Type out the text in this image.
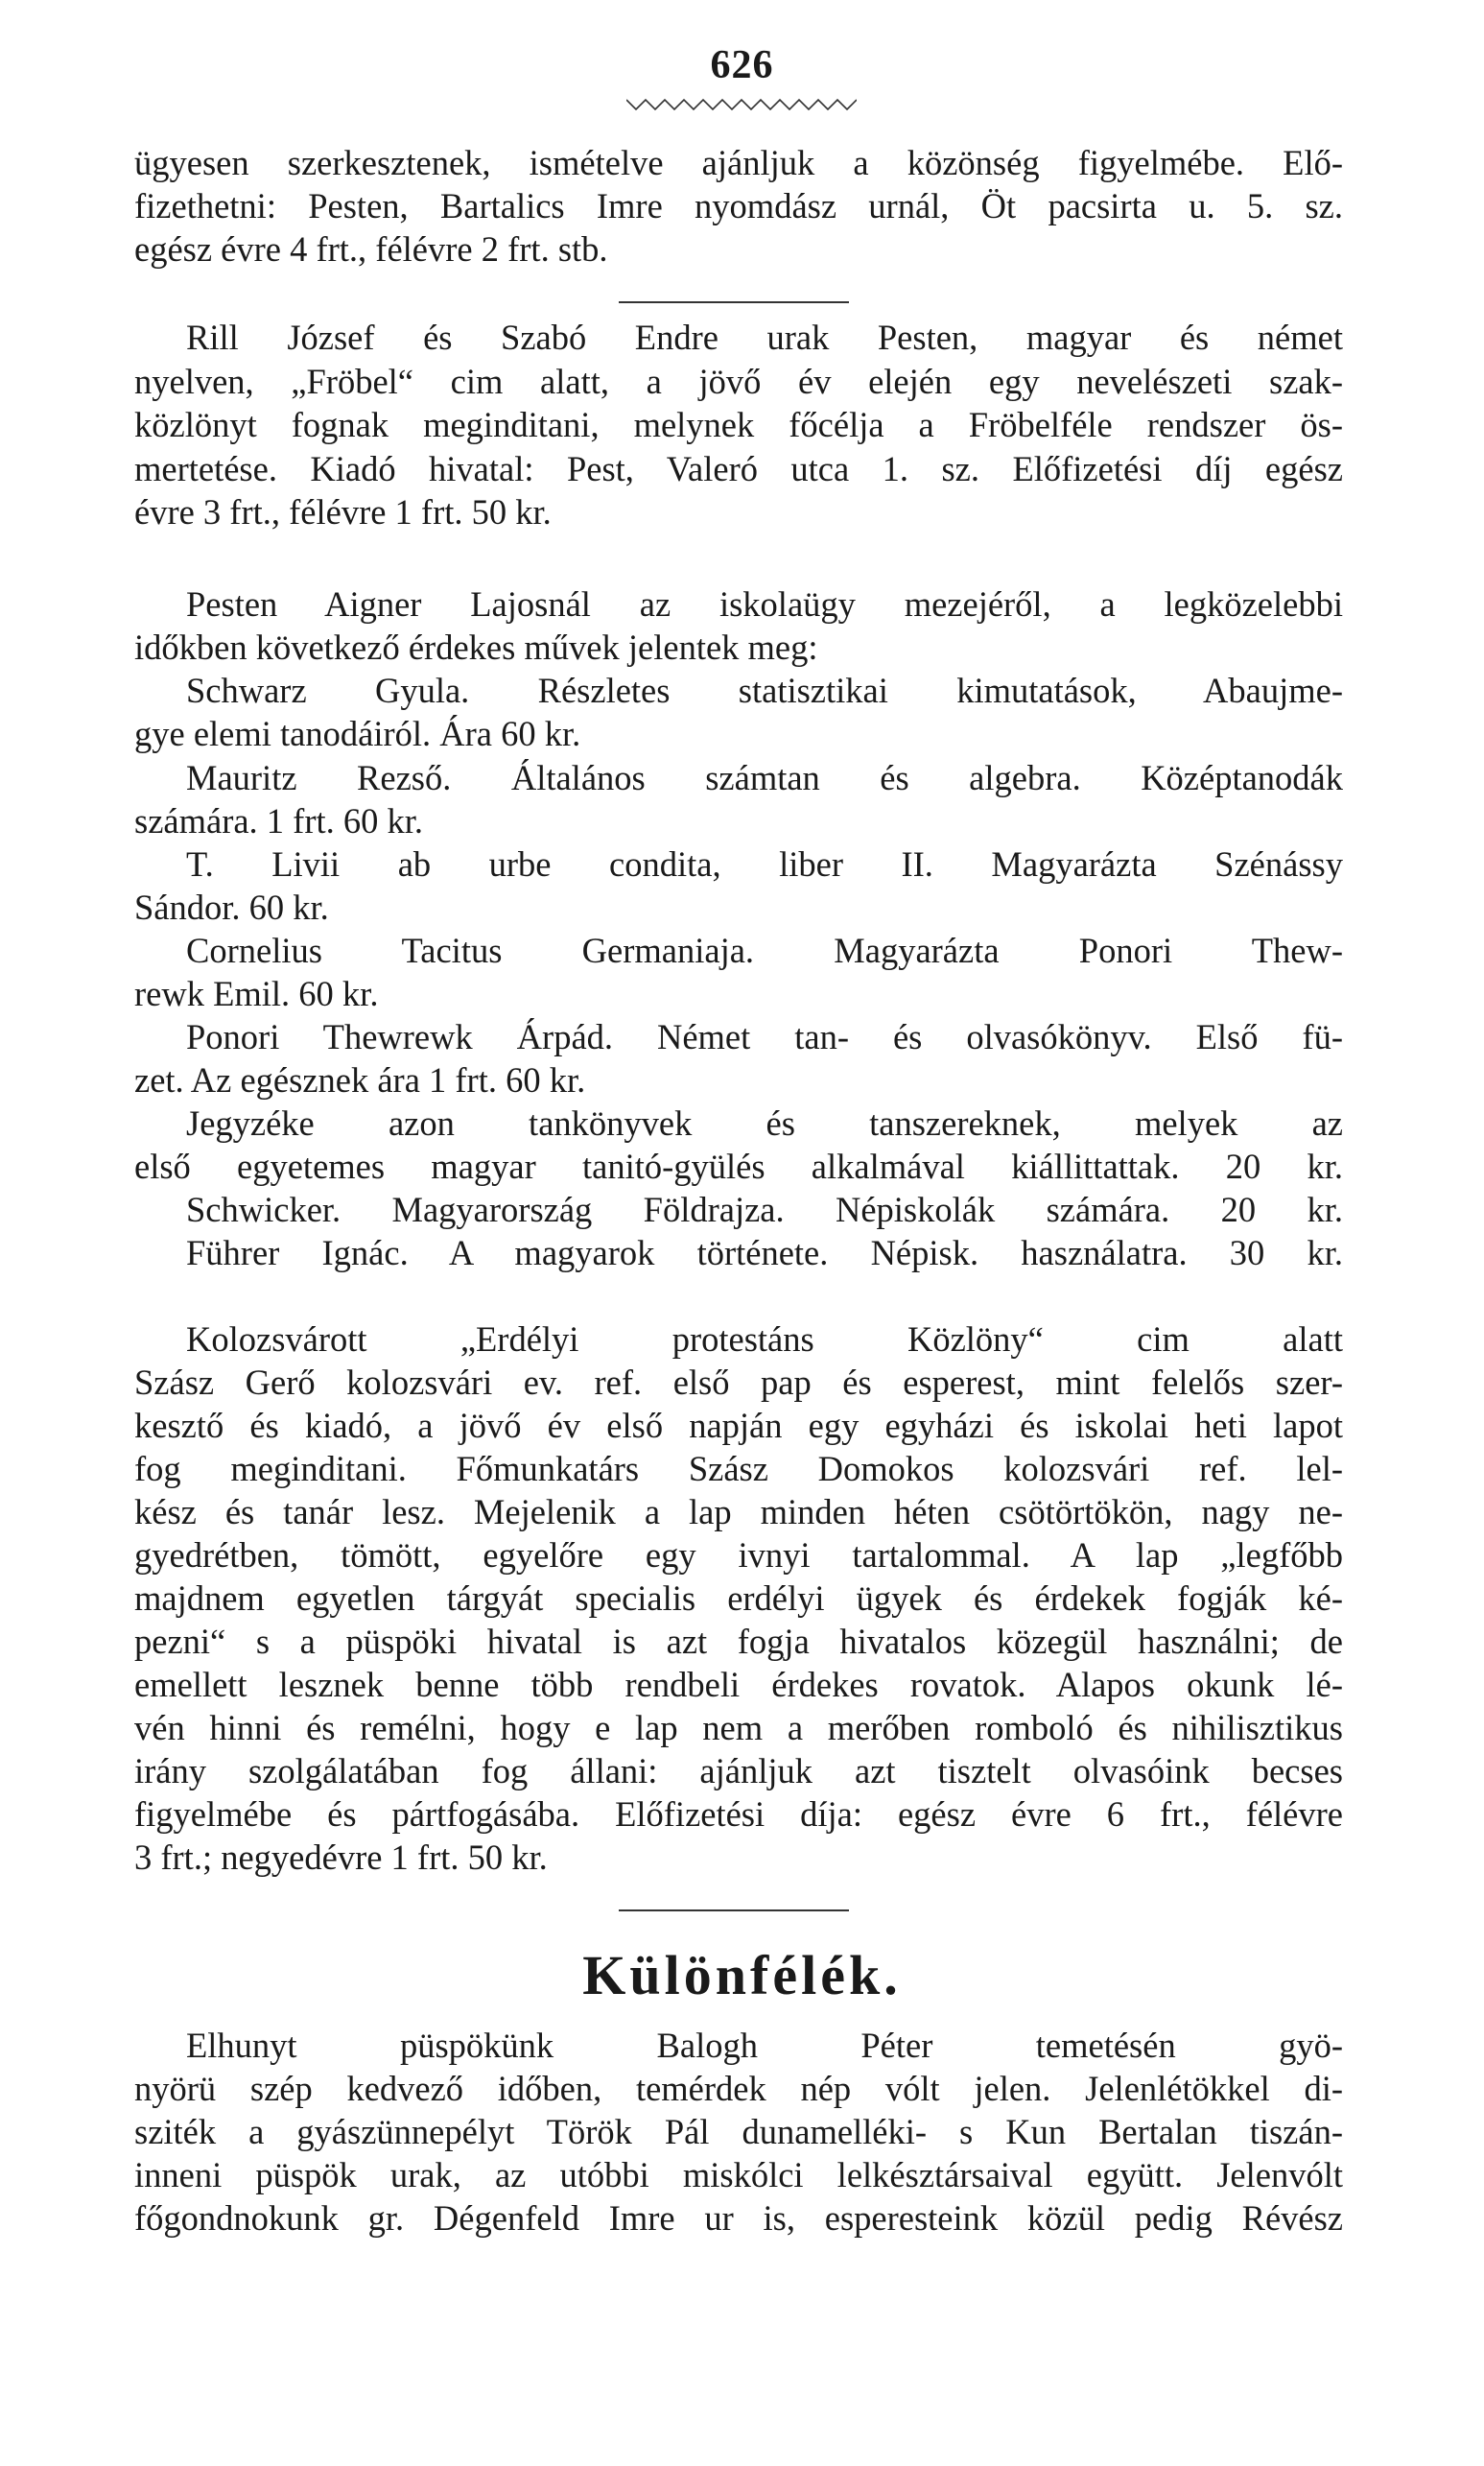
626
ügyesen szerkesztenek, ismételve ajánljuk a közönség figyelmébe. Elő-
fizethetni: Pesten, Bartalics Imre nyomdász urnál, Öt pacsirta u. 5. sz.
egész évre 4 frt., félévre 2 frt. stb.
Rill József és Szabó Endre urak Pesten, magyar és német
nyelven, „Fröbel“ cim alatt, a jövő év elején egy nevelészeti szak-
közlönyt fognak meginditani, melynek főcélja a Fröbelféle rendszer ös-
mertetése. Kiadó hivatal: Pest, Valeró utca 1. sz. Előfizetési díj egész
évre 3 frt., félévre 1 frt. 50 kr.
Pesten Aigner Lajosnál az iskolaügy mezejéről, a legközelebbi
időkben következő érdekes művek jelentek meg:
Schwarz Gyula. Részletes statisztikai kimutatások, Abaujme-
gye elemi tanodáiról. Ára 60 kr.
Mauritz Rezső. Általános számtan és algebra. Középtanodák
számára. 1 frt. 60 kr.
T. Livii ab urbe condita, liber II. Magyarázta Szénássy
Sándor. 60 kr.
Cornelius Tacitus Germaniaja. Magyarázta Ponori Thew-
rewk Emil. 60 kr.
Ponori Thewrewk Árpád. Német tan- és olvasókönyv. Első fü-
zet. Az egésznek ára 1 frt. 60 kr.
Jegyzéke azon tankönyvek és tanszereknek, melyek az
első egyetemes magyar tanitó-gyülés alkalmával kiállittattak. 20 kr.
Schwicker. Magyarország Földrajza. Népiskolák számára. 20 kr.
Führer Ignác. A magyarok története. Népisk. használatra. 30 kr.
Kolozsvárott „Erdélyi protestáns Közlöny“ cim alatt
Szász Gerő kolozsvári ev. ref. első pap és esperest, mint felelős szer-
kesztő és kiadó, a jövő év első napján egy egyházi és iskolai heti lapot
fog meginditani. Főmunkatárs Szász Domokos kolozsvári ref. lel-
kész és tanár lesz. Mejelenik a lap minden héten csötörtökön, nagy ne-
gyedrétben, tömött, egyelőre egy ivnyi tartalommal. A lap „legfőbb
majdnem egyetlen tárgyát specialis erdélyi ügyek és érdekek fogják ké-
pezni“ s a püspöki hivatal is azt fogja hivatalos közegül használni; de
emellett lesznek benne több rendbeli érdekes rovatok. Alapos okunk lé-
vén hinni és remélni, hogy e lap nem a merőben romboló és nihilisztikus
irány szolgálatában fog állani: ajánljuk azt tisztelt olvasóink becses
figyelmébe és pártfogásába. Előfizetési díja: egész évre 6 frt., félévre
3 frt.; negyedévre 1 frt. 50 kr.
Különfélék.
Elhunyt püspökünk Balogh Péter temetésén gyö-
nyörü szép kedvező időben, temérdek nép vólt jelen. Jelenlétökkel di-
sziték a gyászünnepélyt Török Pál dunamelléki- s Kun Bertalan tiszán-
inneni püspök urak, az utóbbi miskólci lelkésztársaival együtt. Jelenvólt
főgondnokunk gr. Dégenfeld Imre ur is, esperesteink közül pedig Révész
